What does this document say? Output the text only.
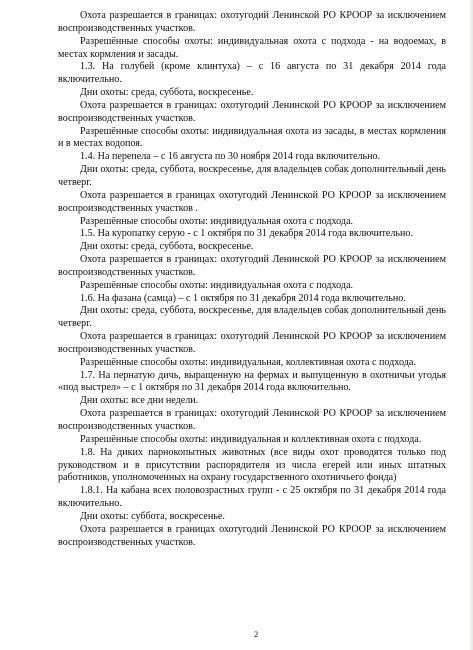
Охота разрешается в границах: охотугодий Ленинской РО КРООР за исключением воспроизводственных участков.

Разрешённые способы охоты: индивидуальная охота с подхода - на водоемах, в местах кормления и засады.

1.3. На голубей (кроме клинтуха) – с 16 августа по 31 декабря 2014 года включительно.

Дни охоты: среда, суббота, воскресенье.

Охота разрешается в границах: охотугодий Ленинской РО КРООР за исключением воспроизводственных участков.

Разрешённые способы охоты: индивидуальная охота из засады, в местах кормления и в местах водопоя.

1.4. На перепела – с 16 августа по 30 ноября 2014 года включительно.

Дни охоты: среда, суббота, воскресенье, для владельцев собак дополнительный день четверг.

Охота разрешается в границах охотугодий Ленинской РО КРООР за исключением воспроизводственных участков .

Разрешённые способы охоты: индивидуальная охота с подхода.

1.5. На куропатку серую - с 1 октября по 31 декабря 2014 года включительно.

Дни охоты: среда, суббота, воскресенье.

Охота разрешается в границах: охотугодий Ленинской РО КРООР за исключением воспроизводственных участков.

Разрешённые способы охоты: индивидуальная охота с подхода.

1.6. На фазана (самца) – с 1 октября по 31 декабря 2014 года включительно.

Дни охоты: среда, суббота, воскресенье, для владельцев собак дополнительный день четверг.

Охота разрешается в границах: охотугодий Ленинской РО КРООР за исключением воспроизводственных участков.

Разрешённые способы охоты: индивидуальная, коллективная охота с подхода.

1.7. На пернатую дичь, выращенную на фермах и выпущенную в охотничьи угодья «под выстрел» – с 1 октября по 31 декабря 2014 года включительно.

Дни охоты: все дни недели.

Охота разрешается в границах: охотугодий Ленинской РО КРООР за исключением воспроизводственных участков.

Разрешённые способы охоты: индивидуальная и коллективная охота с подхода.

1.8. На диких парнокопытных животных (все виды охот проводятся только под руководством и в присутствии распорядителя из числа егерей или иных штатных работников, уполномоченных на охрану государственного охотничьего фонда)

1.8.1. На кабана всех половозрастных групп - с 25 октября по 31 декабря 2014 года включительно.

Дни охоты: суббота, воскресенье.

Охота разрешается в границах охотугодий Ленинской РО КРООР за исключением воспроизводственных участков.

2
